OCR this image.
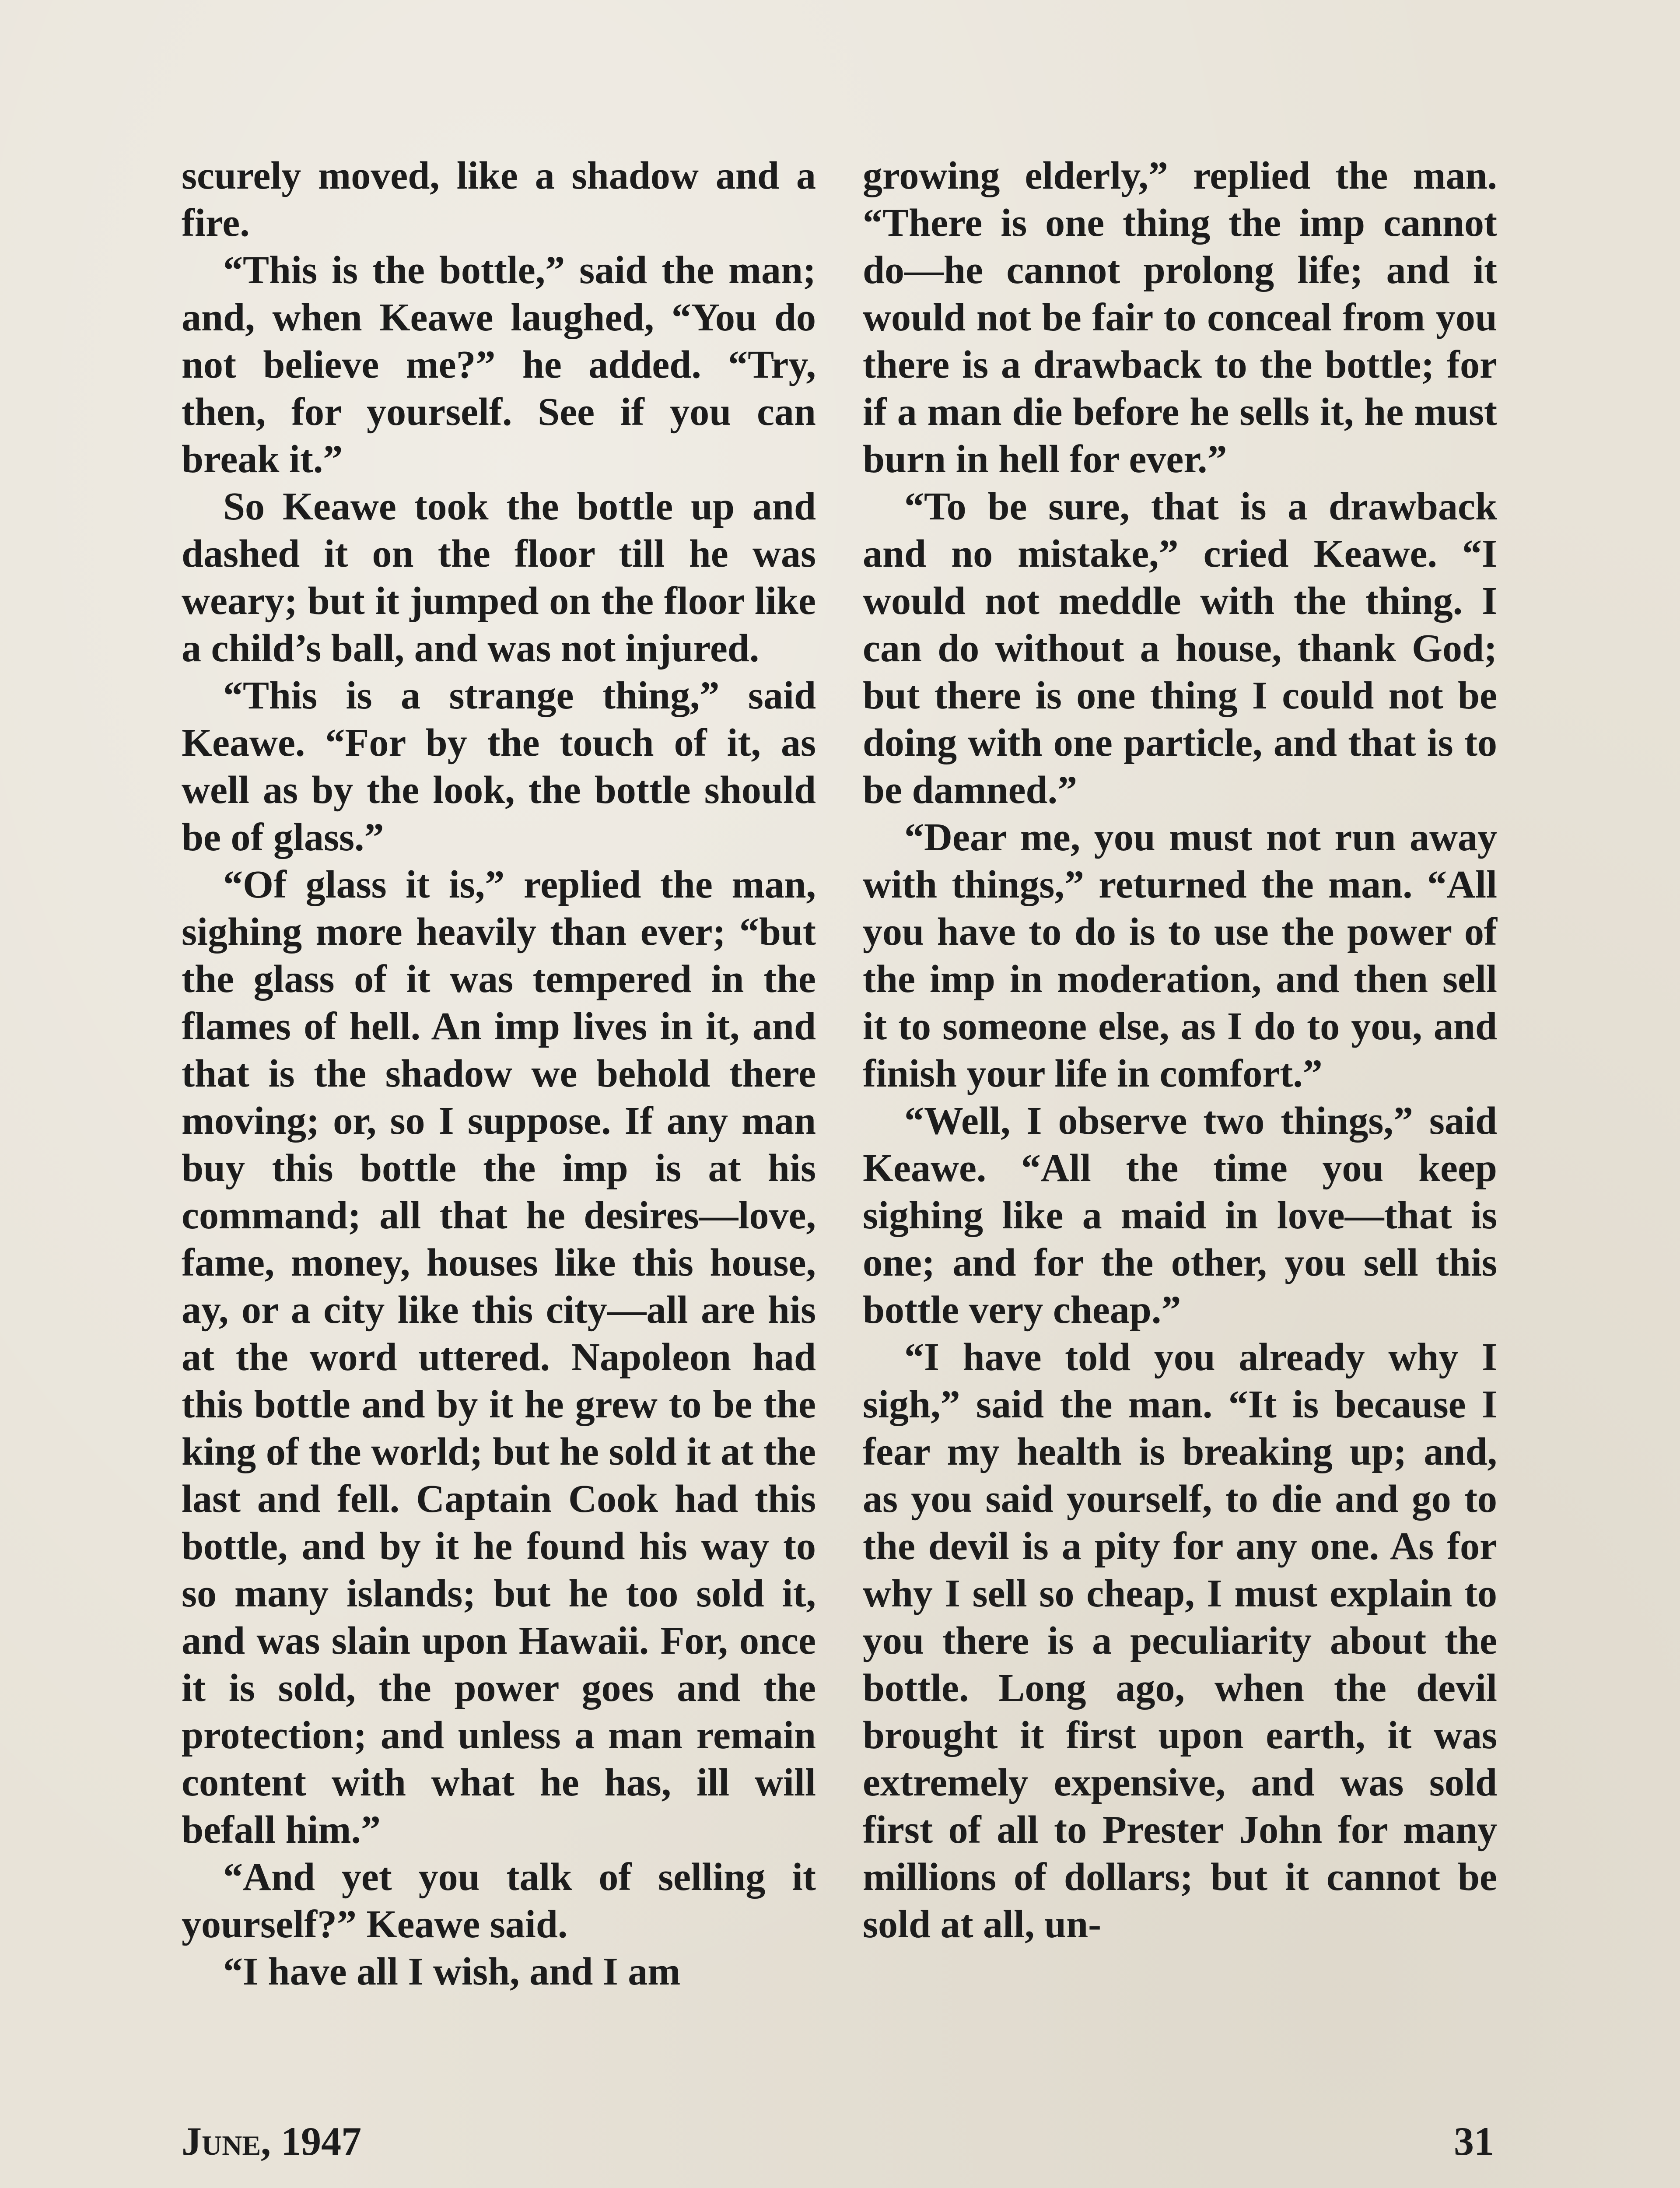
scurely moved, like a shadow and a fire.

“This is the bottle,” said the man; and, when Keawe laughed, “You do not believe me?” he added. “Try, then, for yourself. See if you can break it.”

So Keawe took the bottle up and dashed it on the floor till he was weary; but it jumped on the floor like a child’s ball, and was not injured.

“This is a strange thing,” said Keawe. “For by the touch of it, as well as by the look, the bottle should be of glass.”

“Of glass it is,” replied the man, sighing more heavily than ever; “but the glass of it was tempered in the flames of hell. An imp lives in it, and that is the shadow we behold there moving; or, so I suppose. If any man buy this bottle the imp is at his command; all that he desires—love, fame, money, houses like this house, ay, or a city like this city—all are his at the word uttered. Napoleon had this bottle and by it he grew to be the king of the world; but he sold it at the last and fell. Captain Cook had this bottle, and by it he found his way to so many islands; but he too sold it, and was slain upon Hawaii. For, once it is sold, the power goes and the protection; and unless a man remain content with what he has, ill will befall him.”

“And yet you talk of selling it yourself?” Keawe said.

“I have all I wish, and I am

growing elderly,” replied the man. “There is one thing the imp cannot do—he cannot prolong life; and it would not be fair to conceal from you there is a drawback to the bottle; for if a man die before he sells it, he must burn in hell for ever.”

“To be sure, that is a drawback and no mistake,” cried Keawe. “I would not meddle with the thing. I can do without a house, thank God; but there is one thing I could not be doing with one particle, and that is to be damned.”

“Dear me, you must not run away with things,” returned the man. “All you have to do is to use the power of the imp in moderation, and then sell it to someone else, as I do to you, and finish your life in comfort.”

“Well, I observe two things,” said Keawe. “All the time you keep sighing like a maid in love—that is one; and for the other, you sell this bottle very cheap.”

“I have told you already why I sigh,” said the man. “It is because I fear my health is breaking up; and, as you said yourself, to die and go to the devil is a pity for any one. As for why I sell so cheap, I must explain to you there is a peculiarity about the bottle. Long ago, when the devil brought it first upon earth, it was extremely expensive, and was sold first of all to Prester John for many millions of dollars; but it cannot be sold at all, un-

June, 1947	31
